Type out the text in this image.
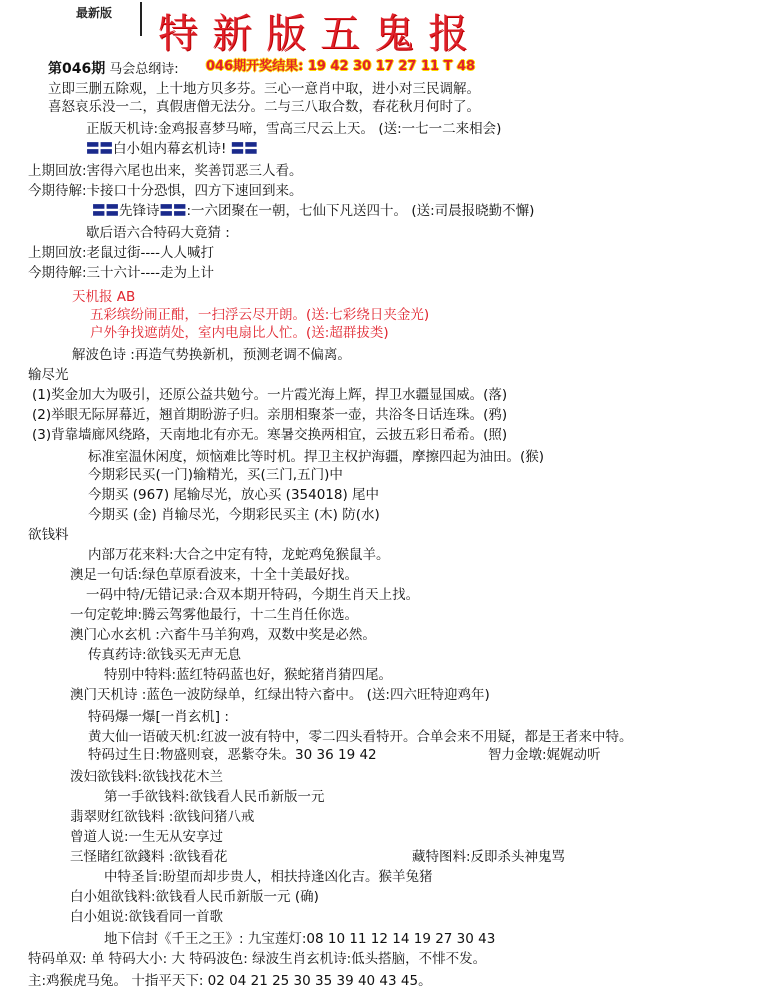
最新版 特新版五鬼报
第046期 马会总纲诗: 046期开奖结果: 19 42 30 17 27 11 T 48
立即三删五除观，上十地方贝多芬。三心一意肖中取，进小对三民调解。
喜怒哀乐没一二，真假唐僧无法分。二与三八取合数，春花秋月何时了。
正版天机诗:金鸡报喜梦马啼，雪高三尺云上天。 (送:一七一二来相会)
〓〓白小姐内幕玄机诗! 〓〓
上期回放:害得六尾也出来，奖善罚恶三人看。
今期待解:卡接口十分恐惧，四方下速回到来。
〓〓先锋诗〓〓:一六团聚在一朝，七仙下凡送四十。 (送:司晨报晓勤不懈)
歇后语六合特码大竟猜 :
上期回放:老鼠过街----人人喊打
今期待解:三十六计----走为上计
天机报 AB
五彩缤纷闹正酣，一扫浮云尽开朗。(送:七彩绕日夹金光)
户外争找遮荫处，室内电扇比人忙。(送:超群拔类)
解波色诗 :再造气势换新机，预测老调不偏离。
输尽光
(1)奖金加大为吸引，还原公益共勉兮。一片霞光海上辉，捍卫水疆显国威。(落)
(2)举眼无际屏幕近，翘首期盼游子归。亲朋相聚茶一壶，共浴冬日话连珠。(鸦)
(3)背靠墙廊风绕路，天南地北有亦无。寒暑交换两相宜，云披五彩日希希。(照)
标准室温休闲度，烦恼难比等时机。捍卫主权护海疆，摩擦四起为油田。(猴)
今期彩民买(一门)输精光，买(三门,五门)中
今期买 (967) 尾输尽光，放心买 (354018) 尾中
今期买 (金) 肖输尽光，今期彩民买主 (木) 防(水)
欲钱料
内部万花来料:大合之中定有特，龙蛇鸡兔猴鼠羊。
澳足一句话:绿色草原看波来，十全十美最好找。
一码中特/无错记录:合双本期开特码，今期生肖天上找。
一句定乾坤:腾云驾雾他最行，十二生肖任你选。
澳门心水玄机 :六畜牛马羊狗鸡，双数中奖是必然。
传真药诗:欲钱买无声无息
特别中特料:蓝红特码蓝也好，猴蛇猪肖猜四尾。
澳门天机诗 :蓝色一波防绿单，红绿出特六畜中。 (送:四六旺特迎鸡年)
特码爆一爆[一肖玄机] :
黄大仙一语破天机:红波一波有特中，零二四头看特开。合单会来不用疑，都是王者来中特。
特码过生日:物盛则衰，恶紫夺朱。30 36 19 42	智力金墩:娓娓动听
泼妇欲钱料:欲钱找花木兰
第一手欲钱料:欲钱看人民币新版一元
翡翠财红欲钱料 :欲钱问猪八戒
曾道人说:一生无从安享过
三怪睹红欲錢料 :欲钱看花	藏特图料:反即杀头神鬼骂
中特圣旨:盼望而却步贵人，相扶持逢凶化吉。猴羊兔猪
白小姐欲钱料:欲钱看人民币新版一元 (确)
白小姐说:欲钱看同一首歌
地下信封《千王之王》: 九宝莲灯:08 10 11 12 14 19 27 30 43
特码单双: 单 特码大小: 大 特码波色: 绿波生肖玄机诗:低头搭脑，不悱不发。
主:鸡猴虎马兔。 十指平天下: 02 04 21 25 30 35 39 40 43 45。
